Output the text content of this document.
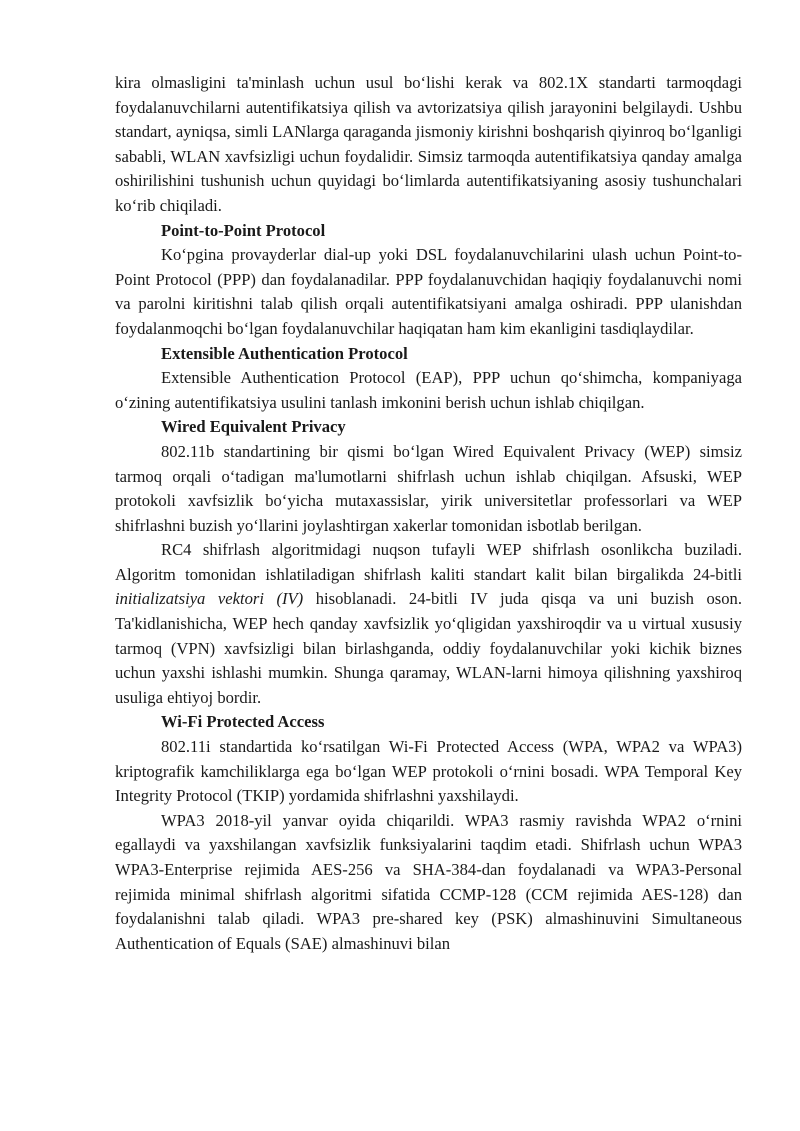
kira olmasligini ta'minlash uchun usul bo‘lishi kerak va 802.1X standarti tarmoqdagi foydalanuvchilarni autentifikatsiya qilish va avtorizatsiya qilish jarayonini belgilaydi. Ushbu standart, ayniqsa, simli LANlarga qaraganda jismoniy kirishni boshqarish qiyinroq bo‘lganligi sababli, WLAN xavfsizligi uchun foydalidir. Simsiz tarmoqda autentifikatsiya qanday amalga oshirilishini tushunish uchun quyidagi bo‘limlarda autentifikatsiyaning asosiy tushunchalari ko‘rib chiqiladi.

Point-to-Point Protocol

Ko‘pgina provayderlar dial-up yoki DSL foydalanuvchilarini ulash uchun Point-to-Point Protocol (PPP) dan foydalanadilar. PPP foydalanuvchidan haqiqiy foydalanuvchi nomi va parolni kiritishni talab qilish orqali autentifikatsiyani amalga oshiradi. PPP ulanishdan foydalanmoqchi bo‘lgan foydalanuvchilar haqiqatan ham kim ekanligini tasdiqlaydilar.

Extensible Authentication Protocol

Extensible Authentication Protocol (EAP), PPP uchun qo‘shimcha, kompaniyaga o‘zining autentifikatsiya usulini tanlash imkonini berish uchun ishlab chiqilgan.

Wired Equivalent Privacy

802.11b standartining bir qismi bo‘lgan Wired Equivalent Privacy (WEP) simsiz tarmoq orqali o‘tadigan ma'lumotlarni shifrlash uchun ishlab chiqilgan. Afsuski, WEP protokoli xavfsizlik bo‘yicha mutaxassislar, yirik universitetlar professorlari va WEP shifrlashni buzish yo‘llarini joylashtirgan xakerlar tomonidan isbotlab berilgan.

RC4 shifrlash algoritmidagi nuqson tufayli WEP shifrlash osonlikcha buziladi. Algoritm tomonidan ishlatiladigan shifrlash kaliti standart kalit bilan birgalikda 24-bitli initializatsiya vektori (IV) hisoblanadi. 24-bitli IV juda qisqa va uni buzish oson. Ta'kidlanishicha, WEP hech qanday xavfsizlik yo‘qligidan yaxshiroqdir va u virtual xususiy tarmoq (VPN) xavfsizligi bilan birlashganda, oddiy foydalanuvchilar yoki kichik biznes uchun yaxshi ishlashi mumkin. Shunga qaramay, WLAN-larni himoya qilishning yaxshiroq usuliga ehtiyoj bordir.

Wi-Fi Protected Access

802.11i standartida ko‘rsatilgan Wi-Fi Protected Access (WPA, WPA2 va WPA3) kriptografik kamchiliklarga ega bo‘lgan WEP protokoli o‘rnini bosadi. WPA Temporal Key Integrity Protocol (TKIP) yordamida shifrlashni yaxshilaydi.

WPA3 2018-yil yanvar oyida chiqarildi. WPA3 rasmiy ravishda WPA2 o‘rnini egallaydi va yaxshilangan xavfsizlik funksiyalarini taqdim etadi. Shifrlash uchun WPA3 WPA3-Enterprise rejimida AES-256 va SHA-384-dan foydalanadi va WPA3-Personal rejimida minimal shifrlash algoritmi sifatida CCMP-128 (CCM rejimida AES-128) dan foydalanishni talab qiladi. WPA3 pre-shared key (PSK) almashinuvini Simultaneous Authentication of Equals (SAE) almashinuvi bilan
